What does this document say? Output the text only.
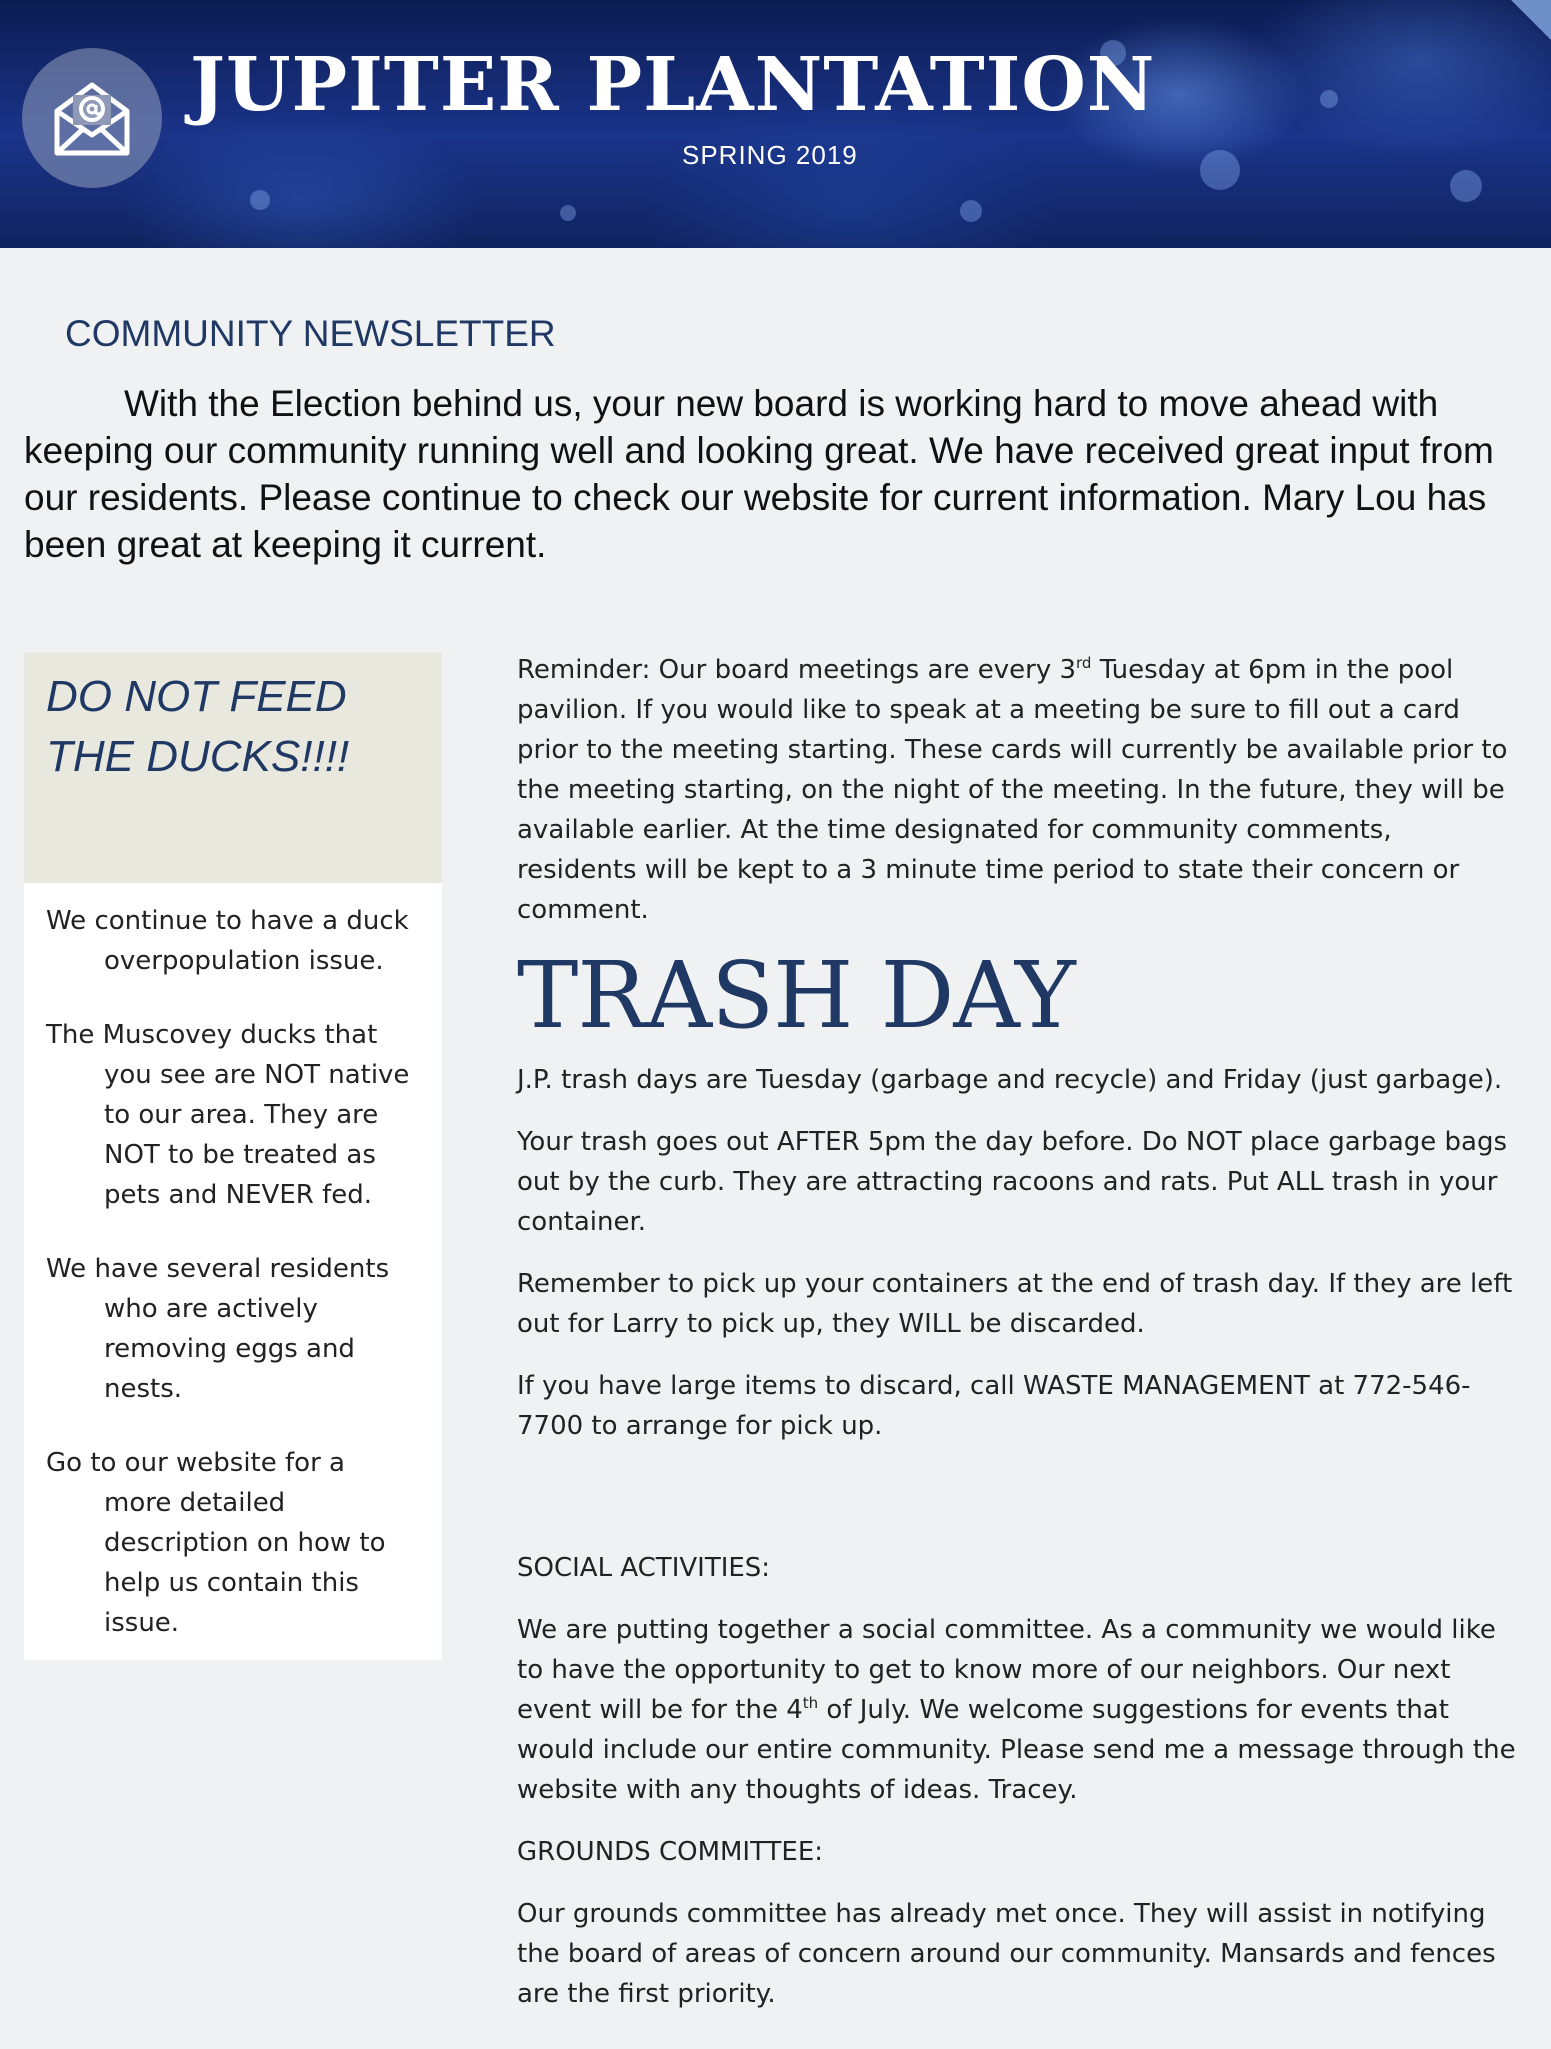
JUPITER PLANTATION
SPRING 2019
COMMUNITY NEWSLETTER

With the Election behind us, your new board is working hard to move ahead with keeping our community running well and looking great. We have received great input from our residents. Please continue to check our website for current information. Mary Lou has been great at keeping it current.

DO NOT FEED
THE DUCKS!!!!

We continue to have a duck overpopulation issue.

The Muscovey ducks that you see are NOT native to our area. They are NOT to be treated as pets and NEVER fed.

We have several residents who are actively removing eggs and nests.

Go to our website for a more detailed description on how to help us contain this issue.

Reminder: Our board meetings are every 3rd Tuesday at 6pm in the pool pavilion. If you would like to speak at a meeting be sure to fill out a card prior to the meeting starting. These cards will currently be available prior to the meeting starting, on the night of the meeting. In the future, they will be available earlier. At the time designated for community comments, residents will be kept to a 3 minute time period to state their concern or comment.

TRASH DAY

J.P. trash days are Tuesday (garbage and recycle) and Friday (just garbage).

Your trash goes out AFTER 5pm the day before. Do NOT place garbage bags out by the curb. They are attracting racoons and rats. Put ALL trash in your container.

Remember to pick up your containers at the end of trash day. If they are left out for Larry to pick up, they WILL be discarded.

If you have large items to discard, call WASTE MANAGEMENT at 772-546-7700 to arrange for pick up.

SOCIAL ACTIVITIES:

We are putting together a social committee. As a community we would like to have the opportunity to get to know more of our neighbors. Our next event will be for the 4th of July. We welcome suggestions for events that would include our entire community. Please send me a message through the website with any thoughts of ideas. Tracey.

GROUNDS COMMITTEE:

Our grounds committee has already met once. They will assist in notifying the board of areas of concern around our community. Mansards and fences are the first priority.
